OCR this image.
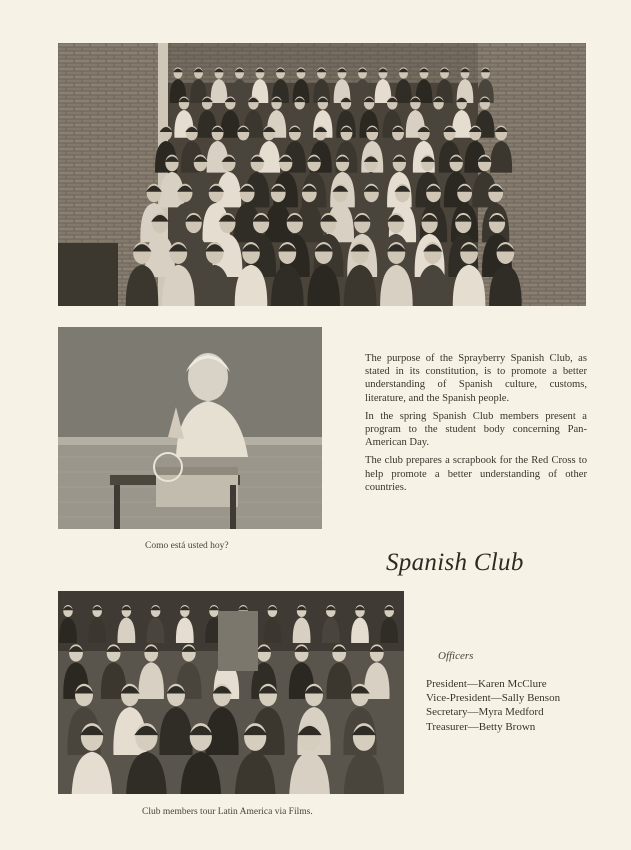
The purpose of the Sprayberry Spanish Club, as stated in its constitution, is to promote a better understanding of Spanish culture, customs, literature, and the Spanish people.

In the spring Spanish Club members present a program to the student body concerning Pan-American Day.

The club prepares a scrapbook for the Red Cross to help promote a better understanding of other countries.

Como está usted hoy?
Spanish Club
Club members tour Latin America via Films.
Officers
President—Karen McClure
Vice-President—Sally Benson
Secretary—Myra Medford
Treasurer—Betty Brown
